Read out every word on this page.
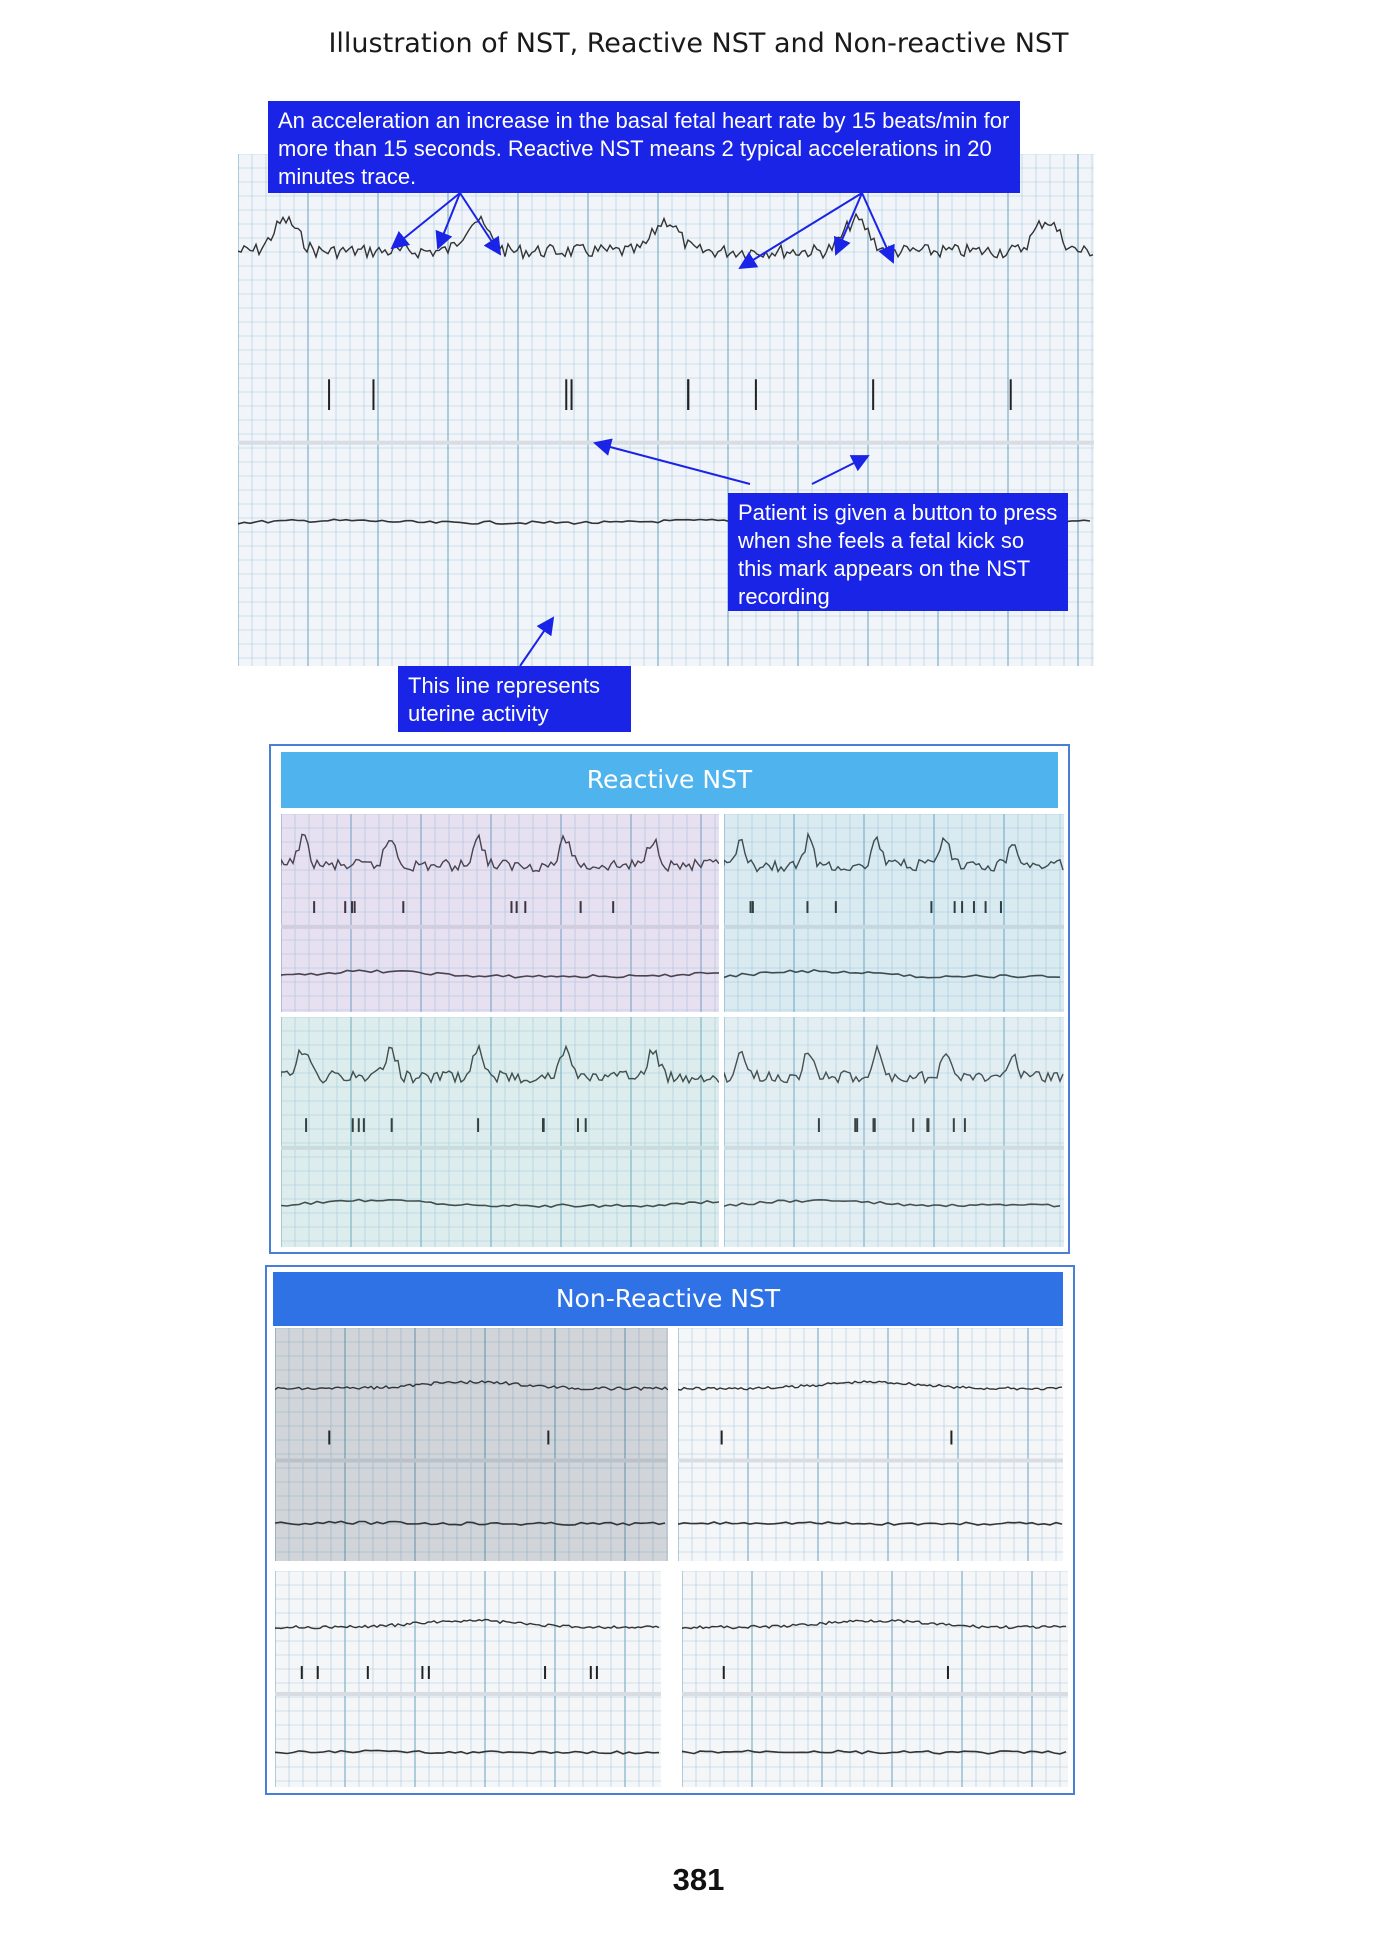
Illustration of NST, Reactive NST and Non-reactive NST
An acceleration an increase in the basal fetal heart rate by 15 beats/min for more than 15 seconds. Reactive NST means 2 typical accelerations in 20 minutes trace.
Patient is given a button to press when she feels a fetal kick so this mark appears on the NST recording
This line represents uterine activity
Reactive NST
Non-Reactive NST
381
